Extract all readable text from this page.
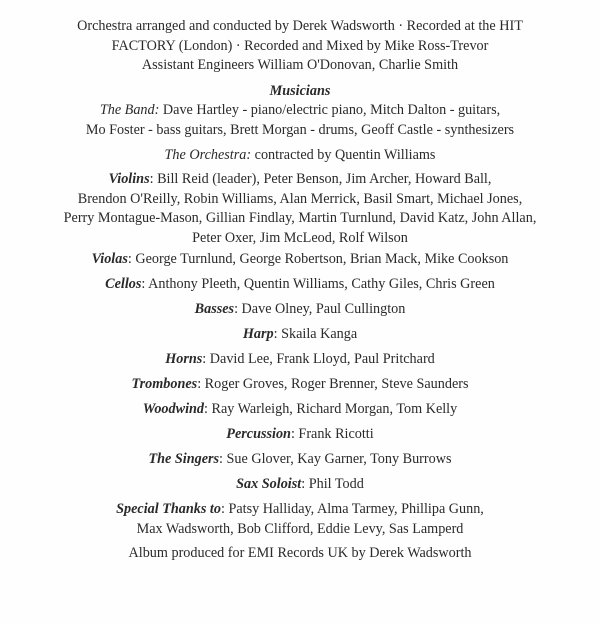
Orchestra arranged and conducted by Derek Wadsworth · Recorded at the HIT
FACTORY (London) · Recorded and Mixed by Mike Ross-Trevor
Assistant Engineers William O'Donovan, Charlie Smith
Musicians
The Band: Dave Hartley - piano/electric piano, Mitch Dalton - guitars,
Mo Foster - bass guitars, Brett Morgan - drums, Geoff Castle - synthesizers
The Orchestra: contracted by Quentin Williams
Violins: Bill Reid (leader), Peter Benson, Jim Archer, Howard Ball,
Brendon O'Reilly, Robin Williams, Alan Merrick, Basil Smart, Michael Jones,
Perry Montague-Mason, Gillian Findlay, Martin Turnlund, David Katz, John Allan,
Peter Oxer, Jim McLeod, Rolf Wilson
Violas: George Turnlund, George Robertson, Brian Mack, Mike Cookson
Cellos: Anthony Pleeth, Quentin Williams, Cathy Giles, Chris Green
Basses: Dave Olney, Paul Cullington
Harp: Skaila Kanga
Horns: David Lee, Frank Lloyd, Paul Pritchard
Trombones: Roger Groves, Roger Brenner, Steve Saunders
Woodwind: Ray Warleigh, Richard Morgan, Tom Kelly
Percussion: Frank Ricotti
The Singers: Sue Glover, Kay Garner, Tony Burrows
Sax Soloist: Phil Todd
Special Thanks to: Patsy Halliday, Alma Tarmey, Phillipa Gunn,
Max Wadsworth, Bob Clifford, Eddie Levy, Sas Lamperd
Album produced for EMI Records UK by Derek Wadsworth
